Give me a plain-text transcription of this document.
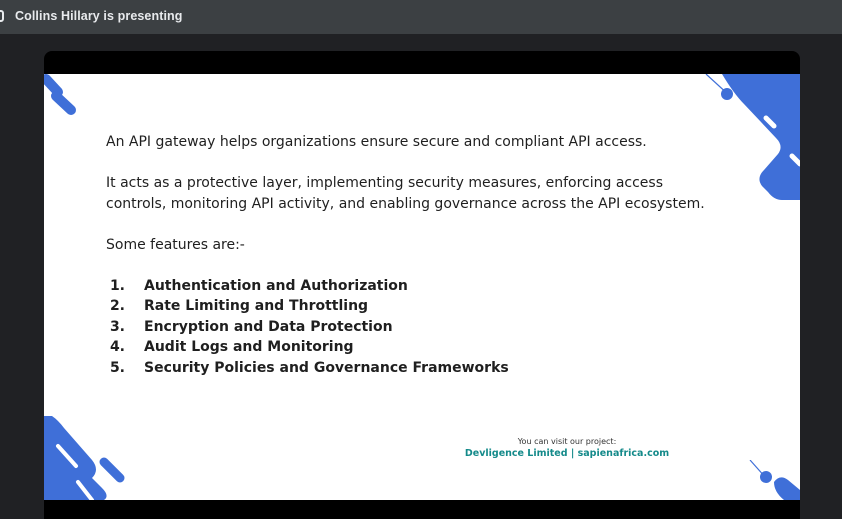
Collins Hillary is presenting

An API gateway helps organizations ensure secure and compliant API access.

It acts as a protective layer, implementing security measures, enforcing access controls, monitoring API activity, and enabling governance across the API ecosystem.

Some features are:-

1.	Authentication and Authorization
2.	Rate Limiting and Throttling
3.	Encryption and Data Protection
4.	Audit Logs and Monitoring
5.	Security Policies and Governance Frameworks
You can visit our project:
Devligence Limited | sapienafrica.com
